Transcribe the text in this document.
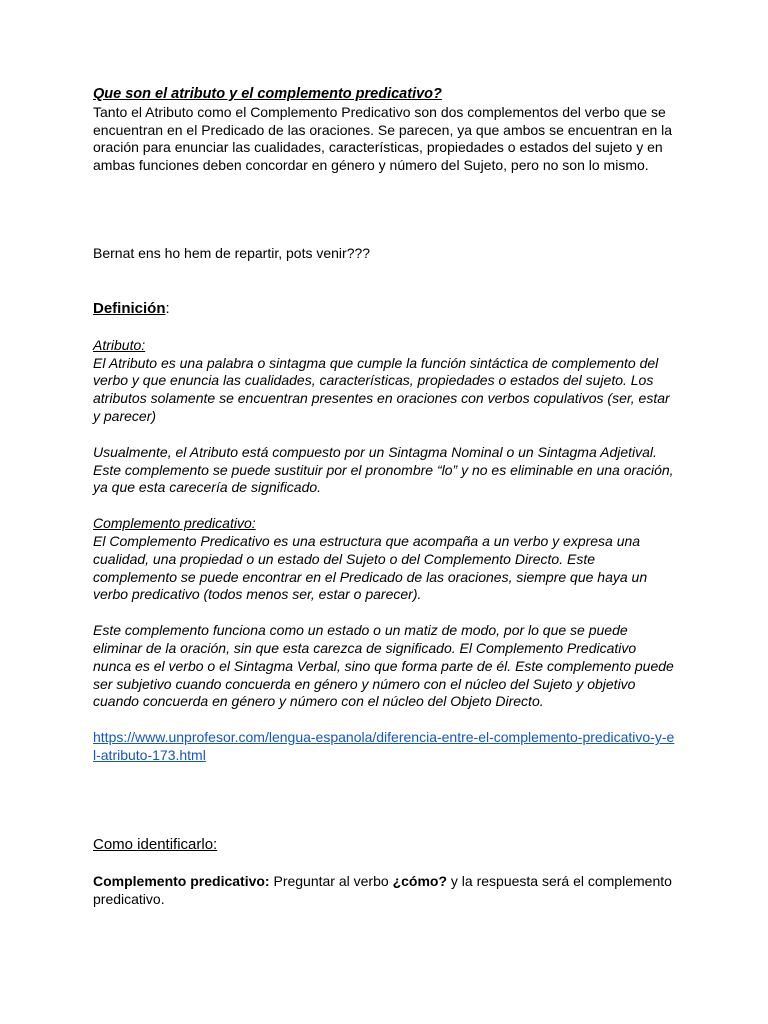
Que son el atributo y el complemento predicativo?

Tanto el Atributo como el Complemento Predicativo son dos complementos del verbo que se encuentran en el Predicado de las oraciones. Se parecen, ya que ambos se encuentran en la oración para enunciar las cualidades, características, propiedades o estados del sujeto y en ambas funciones deben concordar en género y número del Sujeto, pero no son lo mismo.

Bernat ens ho hem de repartir, pots venir???

Definición:

Atributo:

El Atributo es una palabra o sintagma que cumple la función sintáctica de complemento del verbo y que enuncia las cualidades, características, propiedades o estados del sujeto. Los atributos solamente se encuentran presentes en oraciones con verbos copulativos (ser, estar y parecer)

Usualmente, el Atributo está compuesto por un Sintagma Nominal o un Sintagma Adjetival. Este complemento se puede sustituir por el pronombre “lo” y no es eliminable en una oración, ya que esta carecería de significado.

Complemento predicativo:

El Complemento Predicativo es una estructura que acompaña a un verbo y expresa una cualidad, una propiedad o un estado del Sujeto o del Complemento Directo. Este complemento se puede encontrar en el Predicado de las oraciones, siempre que haya un verbo predicativo (todos menos ser, estar o parecer).

Este complemento funciona como un estado o un matiz de modo, por lo que se puede eliminar de la oración, sin que esta carezca de significado. El Complemento Predicativo nunca es el verbo o el Sintagma Verbal, sino que forma parte de él. Este complemento puede ser subjetivo cuando concuerda en género y número con el núcleo del Sujeto y objetivo cuando concuerda en género y número con el núcleo del Objeto Directo.

https://www.unprofesor.com/lengua-espanola/diferencia-entre-el-complemento-predicativo-y-el-atributo-173.html

Como identificarlo:

Complemento predicativo: Preguntar al verbo ¿cómo? y la respuesta será el complemento predicativo.
